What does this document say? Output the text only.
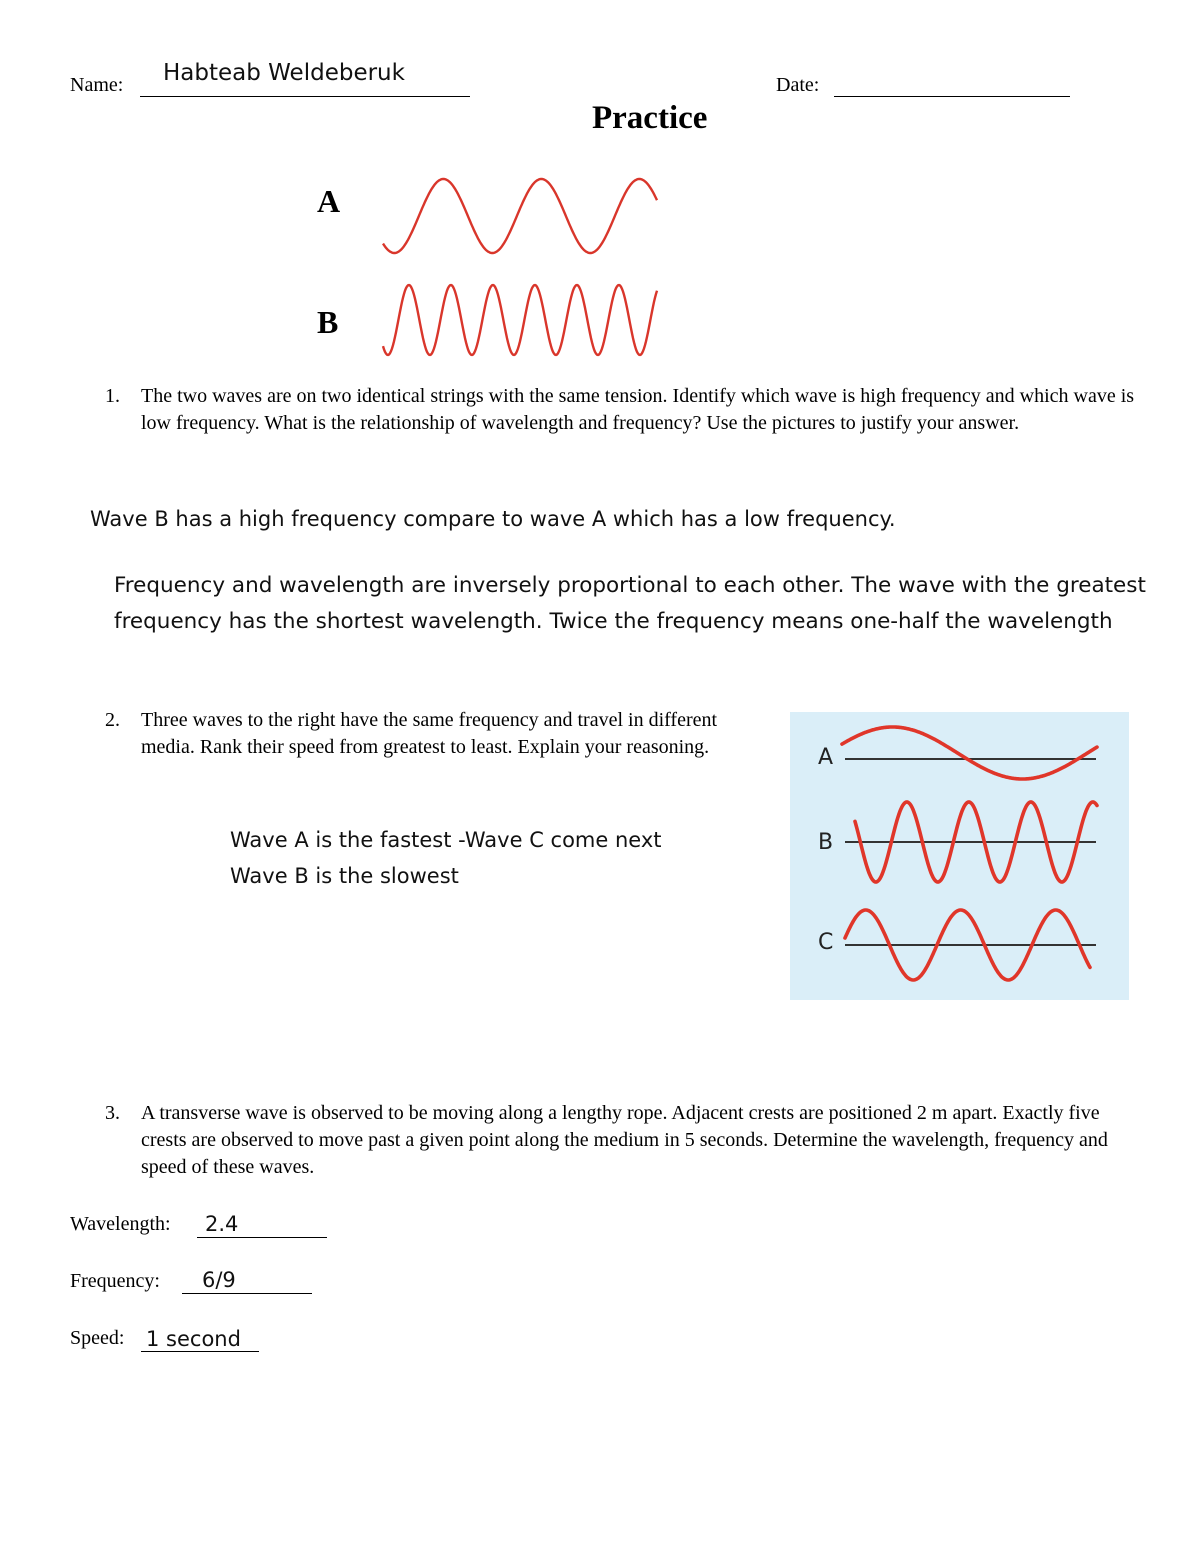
Name: Habteab Weldeberuk	Date:
Practice
A
B
1. The two waves are on two identical strings with the same tension. Identify which wave is high frequency and which wave is low frequency. What is the relationship of wavelength and frequency? Use the pictures to justify your answer.
Wave B has a high frequency compare to wave A which has a low frequency.
Frequency and wavelength are inversely proportional to each other. The wave with the greatest frequency has the shortest wavelength. Twice the frequency means one-half the wavelength
2. Three waves to the right have the same frequency and travel in different media. Rank their speed from greatest to least. Explain your reasoning.
Wave A is the fastest -Wave C come next
Wave B is the slowest
A
B
C
3. A transverse wave is observed to be moving along a lengthy rope. Adjacent crests are positioned 2 m apart. Exactly five crests are observed to move past a given point along the medium in 5 seconds. Determine the wavelength, frequency and speed of these waves.
Wavelength: 2.4
Frequency: 6/9
Speed: 1 second
